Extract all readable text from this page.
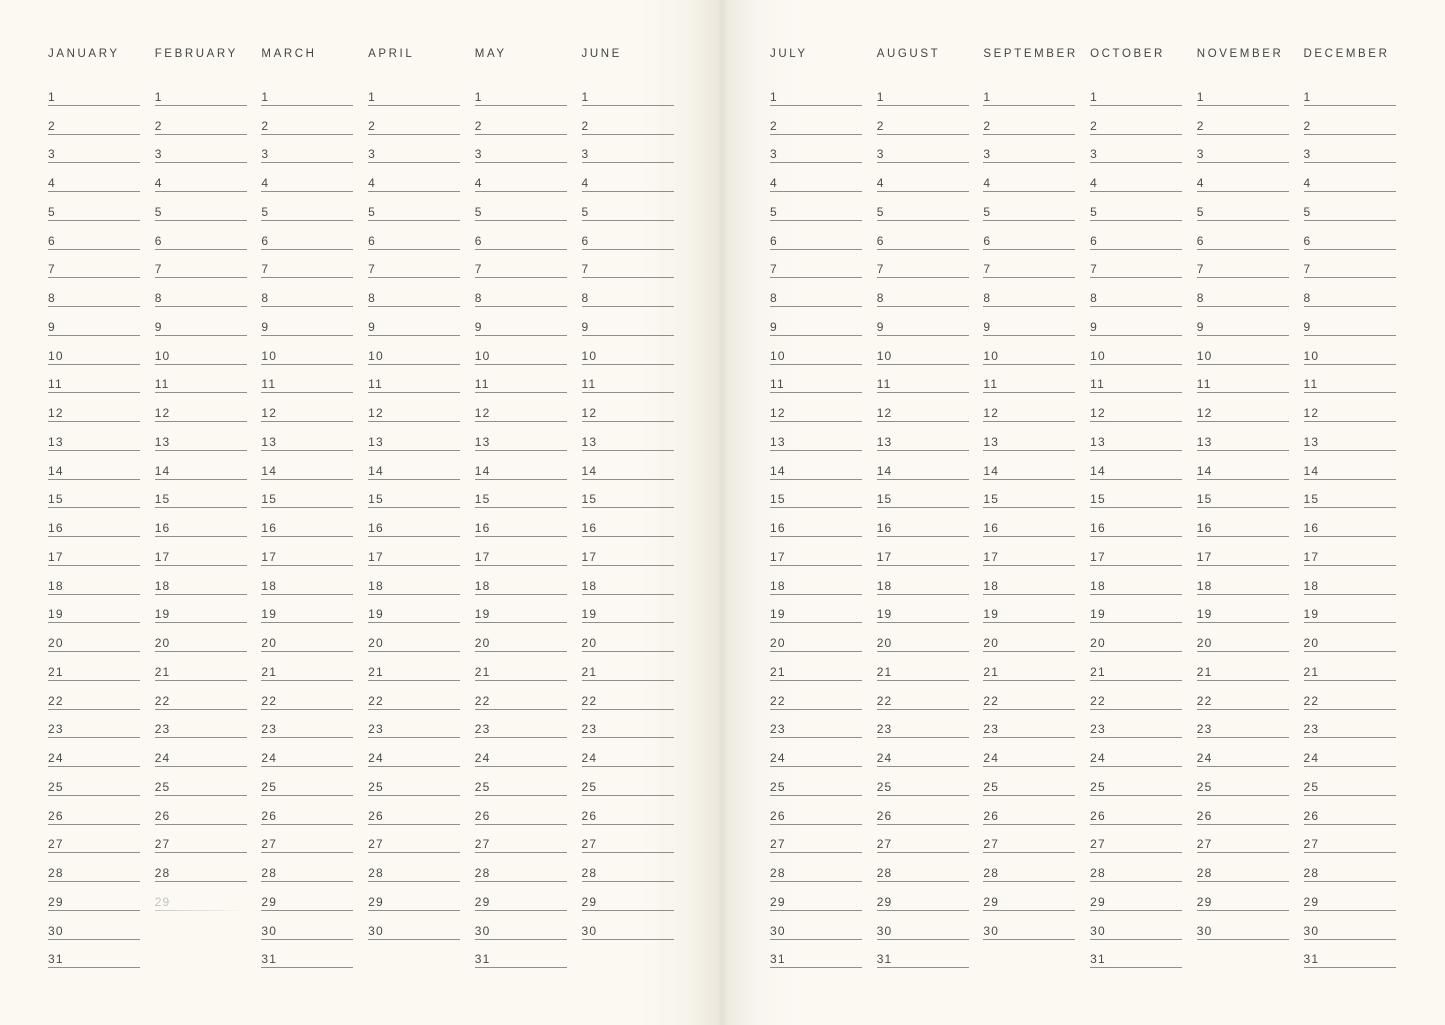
JANUARY
1
2
3
4
5
6
7
8
9
10
11
12
13
14
15
16
17
18
19
20
21
22
23
24
25
26
27
28
29
30
31
FEBRUARY
1
2
3
4
5
6
7
8
9
10
11
12
13
14
15
16
17
18
19
20
21
22
23
24
25
26
27
28
29
MARCH
1
2
3
4
5
6
7
8
9
10
11
12
13
14
15
16
17
18
19
20
21
22
23
24
25
26
27
28
29
30
31
APRIL
1
2
3
4
5
6
7
8
9
10
11
12
13
14
15
16
17
18
19
20
21
22
23
24
25
26
27
28
29
30
MAY
1
2
3
4
5
6
7
8
9
10
11
12
13
14
15
16
17
18
19
20
21
22
23
24
25
26
27
28
29
30
31
JUNE
1
2
3
4
5
6
7
8
9
10
11
12
13
14
15
16
17
18
19
20
21
22
23
24
25
26
27
28
29
30
JULY
1
2
3
4
5
6
7
8
9
10
11
12
13
14
15
16
17
18
19
20
21
22
23
24
25
26
27
28
29
30
31
AUGUST
1
2
3
4
5
6
7
8
9
10
11
12
13
14
15
16
17
18
19
20
21
22
23
24
25
26
27
28
29
30
31
SEPTEMBER
1
2
3
4
5
6
7
8
9
10
11
12
13
14
15
16
17
18
19
20
21
22
23
24
25
26
27
28
29
30
OCTOBER
1
2
3
4
5
6
7
8
9
10
11
12
13
14
15
16
17
18
19
20
21
22
23
24
25
26
27
28
29
30
31
NOVEMBER
1
2
3
4
5
6
7
8
9
10
11
12
13
14
15
16
17
18
19
20
21
22
23
24
25
26
27
28
29
30
DECEMBER
1
2
3
4
5
6
7
8
9
10
11
12
13
14
15
16
17
18
19
20
21
22
23
24
25
26
27
28
29
30
31
